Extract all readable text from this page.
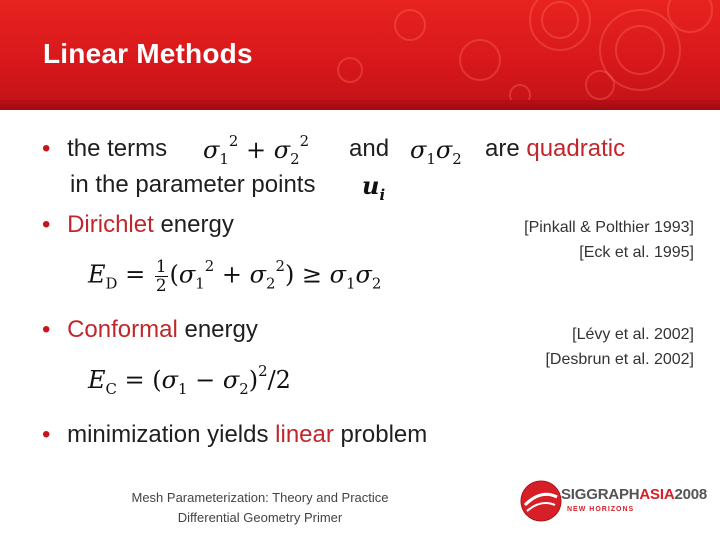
Linear Methods
• the terms $\sigma_1^2 + \sigma_2^2$ and $\sigma_1\sigma_2$ are quadratic
in the parameter points $u_i$
• Dirichlet energy	[Pinkall & Polthier 1993]
[Eck et al. 1995]
$E_D = \frac{1}{2} (\sigma_1^2 + \sigma_2^2) \ge \sigma_1\sigma_2$
• Conformal energy	[Lévy et al. 2002]
[Desbrun et al. 2002]
$E_C = (\sigma_1 - \sigma_2)^2/2$
• minimization yields linear problem
Mesh Parameterization: Theory and Practice
Differential Geometry Primer
SIGGRAPHASIA2008
NEW HORIZONS
